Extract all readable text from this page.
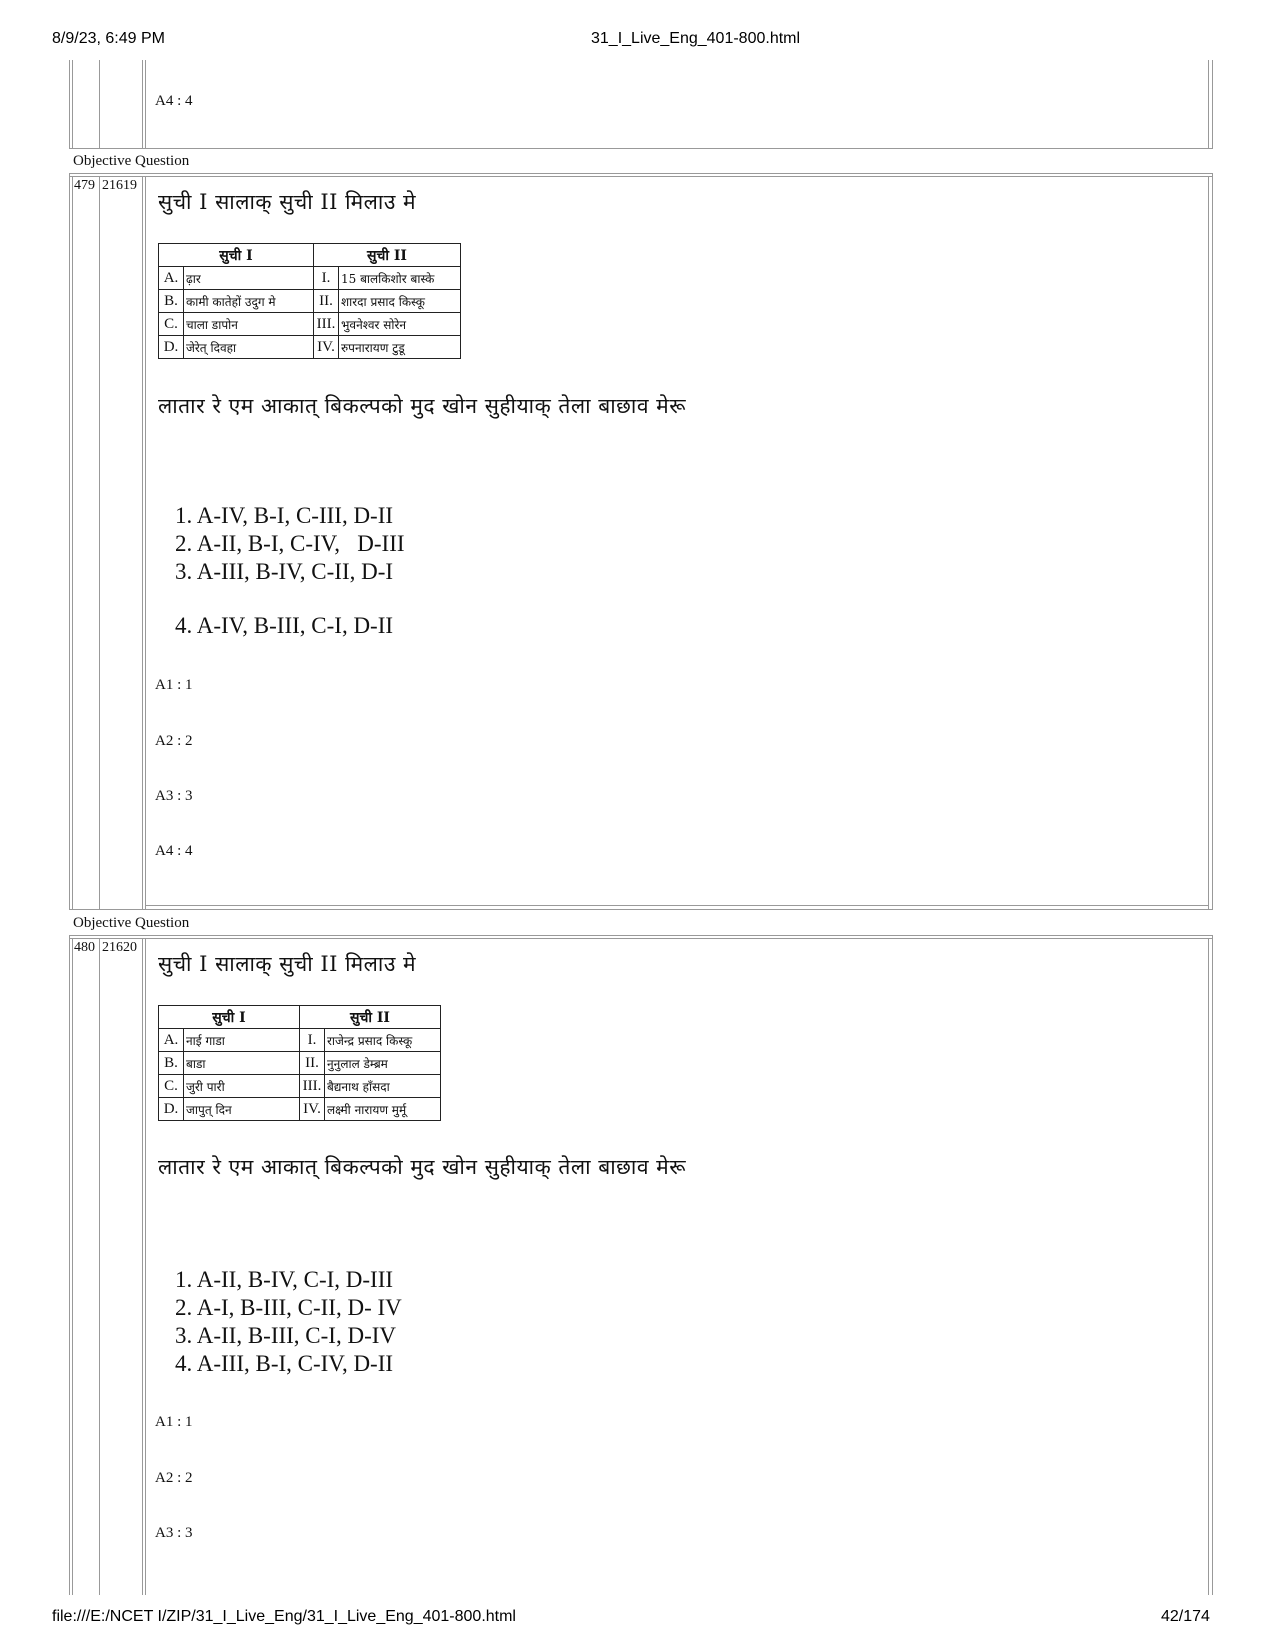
8/9/23, 6:49 PM	31_I_Live_Eng_401-800.html
file:///E:/NCET I/ZIP/31_I_Live_Eng/31_I_Live_Eng_401-800.html	42/174
A4 : 4
Objective Question
479 21619
सुची I सालाक् सुची II मिलाउ मे
सुची I		सुची II	
A.	ढ़ार	I.	15 बालकिशोर बास्के
B.	कामी कातेहों उदुग मे	II.	शारदा प्रसाद किस्कू
C.	चाला डापोन	III.	भुवनेश्वर सोरेन
D.	जेरेत् दिवहा	IV.	रुपनारायण टुडू
लातार रे एम आकात् बिकल्पको मुद खोन सुहीयाक् तेला बाछाव मेरू
1. A-IV, B-I, C-III, D-II
2. A-II, B-I, C-IV,   D-III
3. A-III, B-IV, C-II, D-I
4. A-IV, B-III, C-I, D-II
A1 : 1
A2 : 2
A3 : 3
A4 : 4
Objective Question
480 21620
सुची I सालाक् सुची II मिलाउ मे
सुची I		सुची II	
A.	नाई गाडा	I.	राजेन्द्र प्रसाद किस्कू
B.	बाडा	II.	नुनुलाल डेम्ब्रम
C.	जुरी पारी	III.	बैद्यनाथ हाँसदा
D.	जापुत् दिन	IV.	लक्ष्मी नारायण मुर्मू
लातार रे एम आकात् बिकल्पको मुद खोन सुहीयाक् तेला बाछाव मेरू
1. A-II, B-IV, C-I, D-III
2. A-I, B-III, C-II, D- IV
3. A-II, B-III, C-I, D-IV
4. A-III, B-I, C-IV, D-II
A1 : 1
A2 : 2
A3 : 3
